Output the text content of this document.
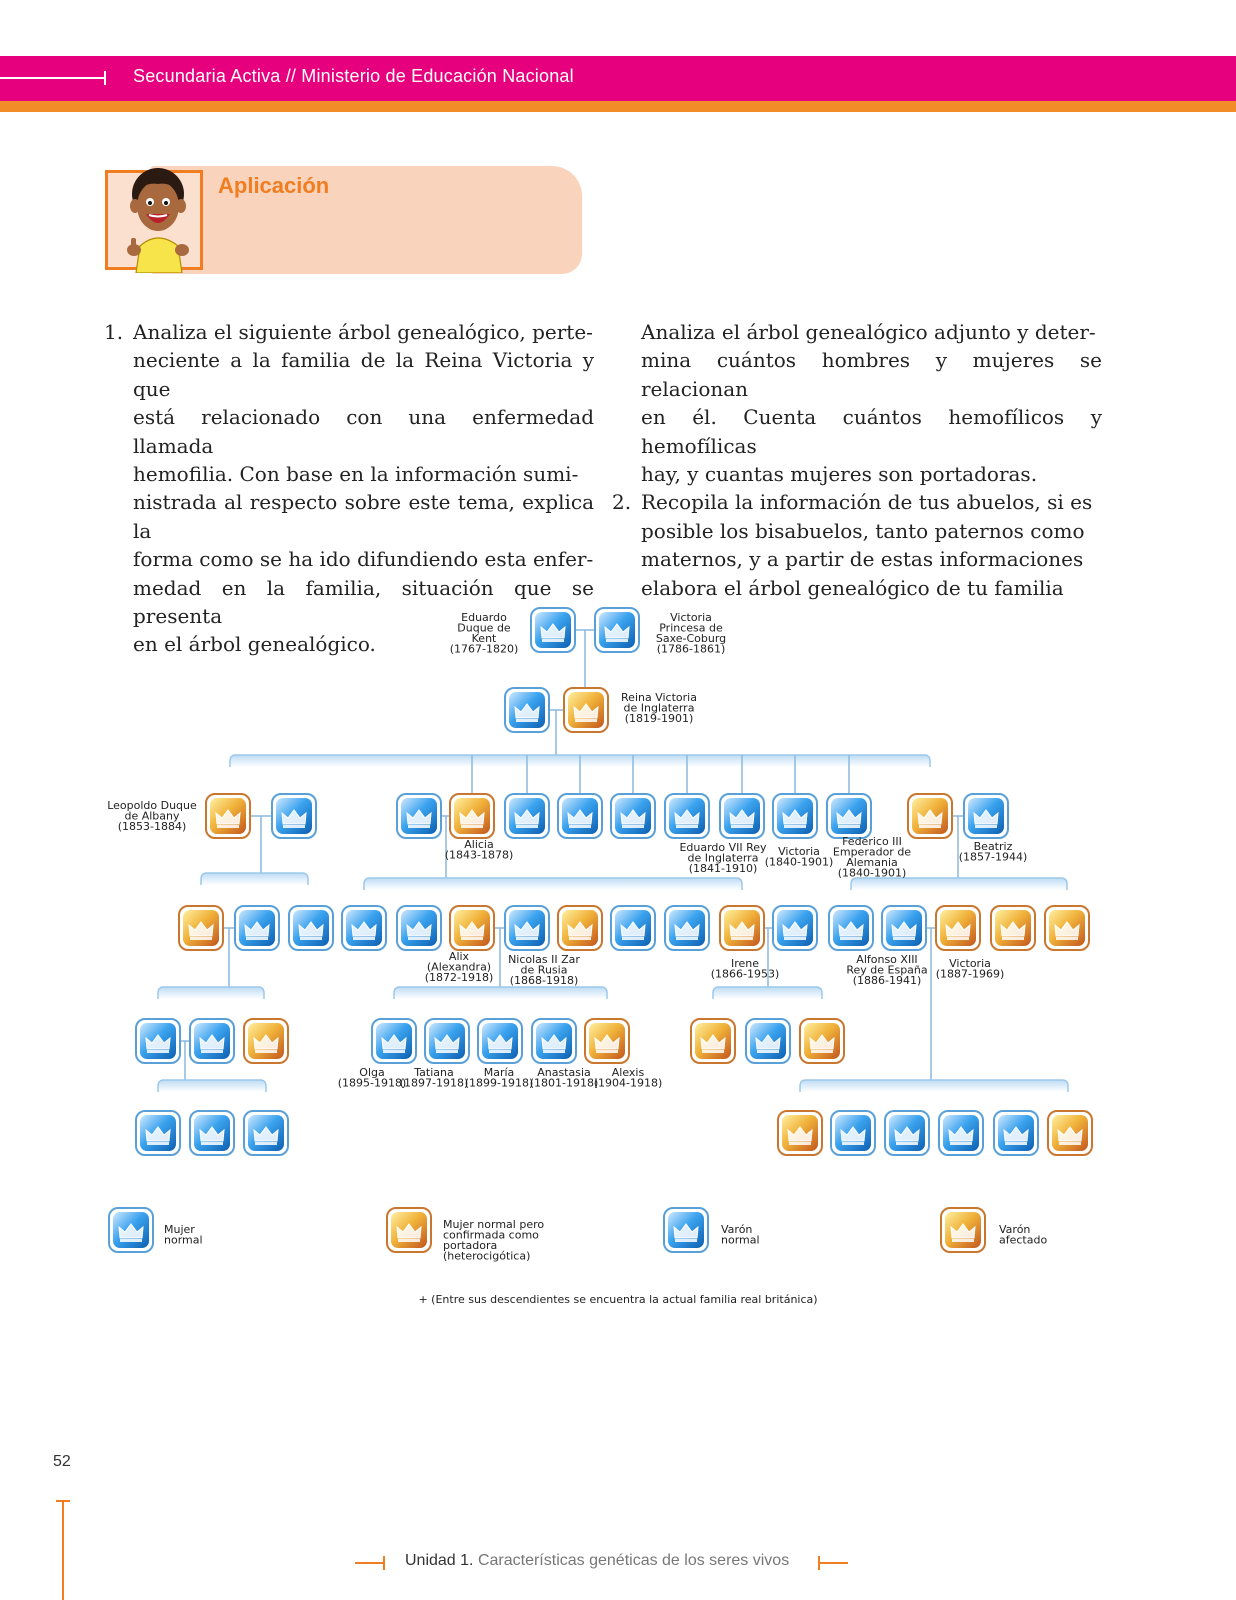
Secundaria Activa // Ministerio de Educación Nacional
Aplicación
1. Analiza el siguiente árbol genealógico, perte-
neciente a la familia de la Reina Victoria y que
está relacionado con una enfermedad llamada
hemofilia. Con base en la información sumi-
nistrada al respecto sobre este tema, explica la
forma como se ha ido difundiendo esta enfer-
medad en la familia, situación que se presenta
en el árbol genealógico.
Analiza el árbol genealógico adjunto y deter-
mina cuántos hombres y mujeres se relacionan
en él. Cuenta cuántos hemofílicos y hemofílicas
hay, y cuantas mujeres son portadoras.
2. Recopila la información de tus abuelos, si es
posible los bisabuelos, tanto paternos como
maternos, y a partir de estas informaciones
elabora el árbol genealógico de tu familia
Eduardo Duque de Kent (1767-1820)
Victoria Princesa de Saxe-Coburg (1786-1861)
Reina Victoria de Inglaterra (1819-1901)
Leopoldo Duque de Albany (1853-1884)
Alicia (1843-1878)
Eduardo VII Rey de Inglaterra (1841-1910)
Victoria (1840-1901)
Federico III Emperador de Alemania (1840-1901)
Beatriz (1857-1944)
Alix (Alexandra) (1872-1918)
Nicolas II Zar de Rusia (1868-1918)
Irene (1866-1953)
Alfonso XIII Rey de España (1886-1941)
Victoria (1887-1969)
Olga (1895-1918)
Tatiana (1897-1918)
María (1899-1918)
Anastasia (1801-1918)
Alexis (1904-1918)
Mujer normal
Mujer normal pero confirmada como portadora (heterocigótica)
Varón normal
Varón afectado
+ (Entre sus descendientes se encuentra la actual familia real británica)
52
Unidad 1. Características genéticas de los seres vivos
